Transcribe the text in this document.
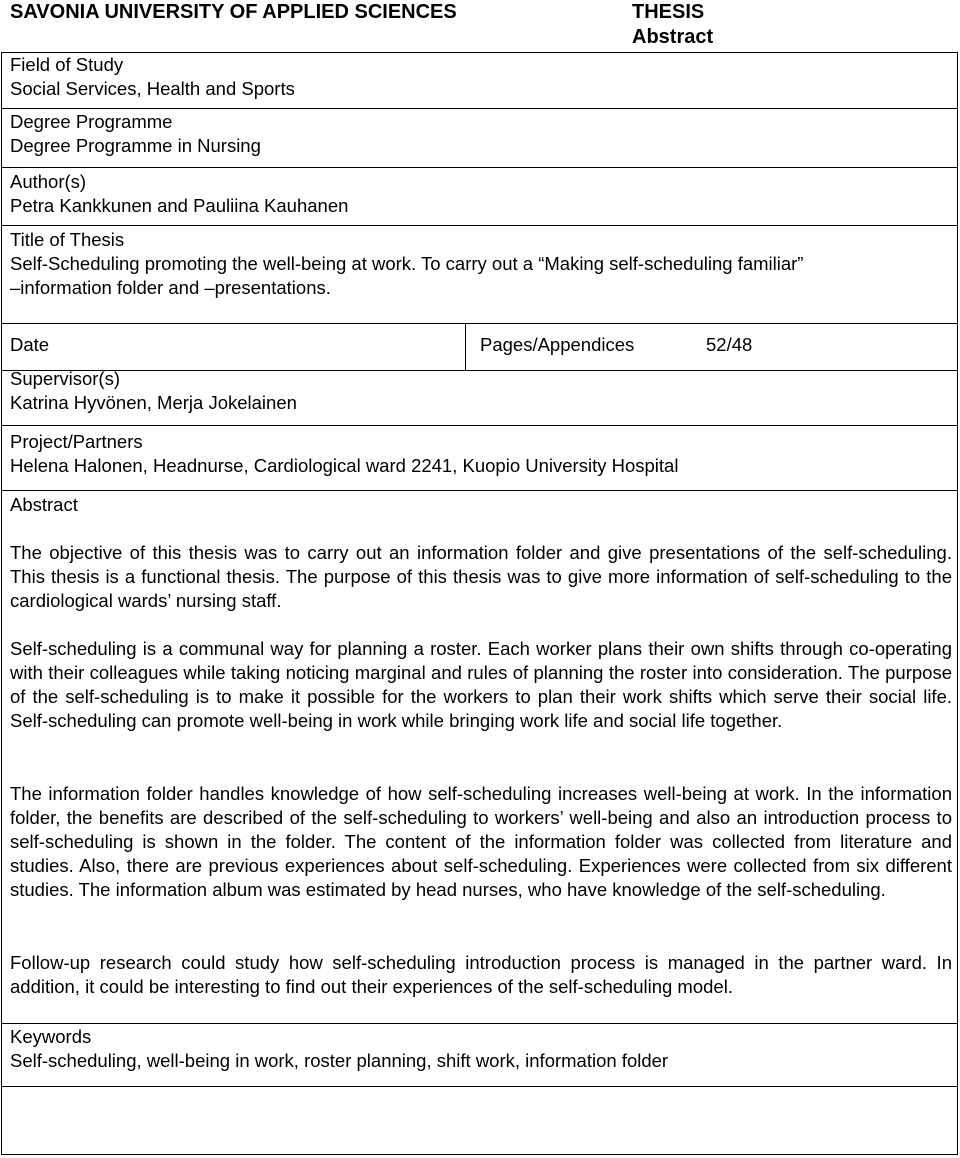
SAVONIA UNIVERSITY OF APPLIED SCIENCES	THESIS
Abstract
Field of Study
Social Services, Health and Sports
Degree Programme
Degree Programme in Nursing
Author(s)
Petra Kankkunen and Pauliina Kauhanen
Title of Thesis
Self-Scheduling promoting the well-being at work. To carry out a “Making self-scheduling familiar”
–information folder and –presentations.
Date	Pages/Appendices	52/48
Supervisor(s)
Katrina Hyvönen, Merja Jokelainen
Project/Partners
Helena Halonen, Headnurse, Cardiological ward 2241, Kuopio University Hospital
Abstract
The objective of this thesis was to carry out an information folder and give presentations of the self-scheduling. This thesis is a functional thesis. The purpose of this thesis was to give more information of self-scheduling to the cardiological wards’ nursing staff.
Self-scheduling is a communal way for planning a roster. Each worker plans their own shifts through co-operating with their colleagues while taking noticing marginal and rules of planning the roster into consideration. The purpose of the self-scheduling is to make it possible for the workers to plan their work shifts which serve their social life. Self-scheduling can promote well-being in work while bringing work life and social life together.
The information folder handles knowledge of how self-scheduling increases well-being at work. In the information folder, the benefits are described of the self-scheduling to workers’ well-being and also an introduction process to self-scheduling is shown in the folder. The content of the information folder was collected from literature and studies. Also, there are previous experiences about self-scheduling. Experiences were collected from six different studies. The information album was estimated by head nurses, who have knowledge of the self-scheduling.
Follow-up research could study how self-scheduling introduction process is managed in the partner ward. In addition, it could be interesting to find out their experiences of the self-scheduling model.
Keywords
Self-scheduling, well-being in work, roster planning, shift work, information folder
